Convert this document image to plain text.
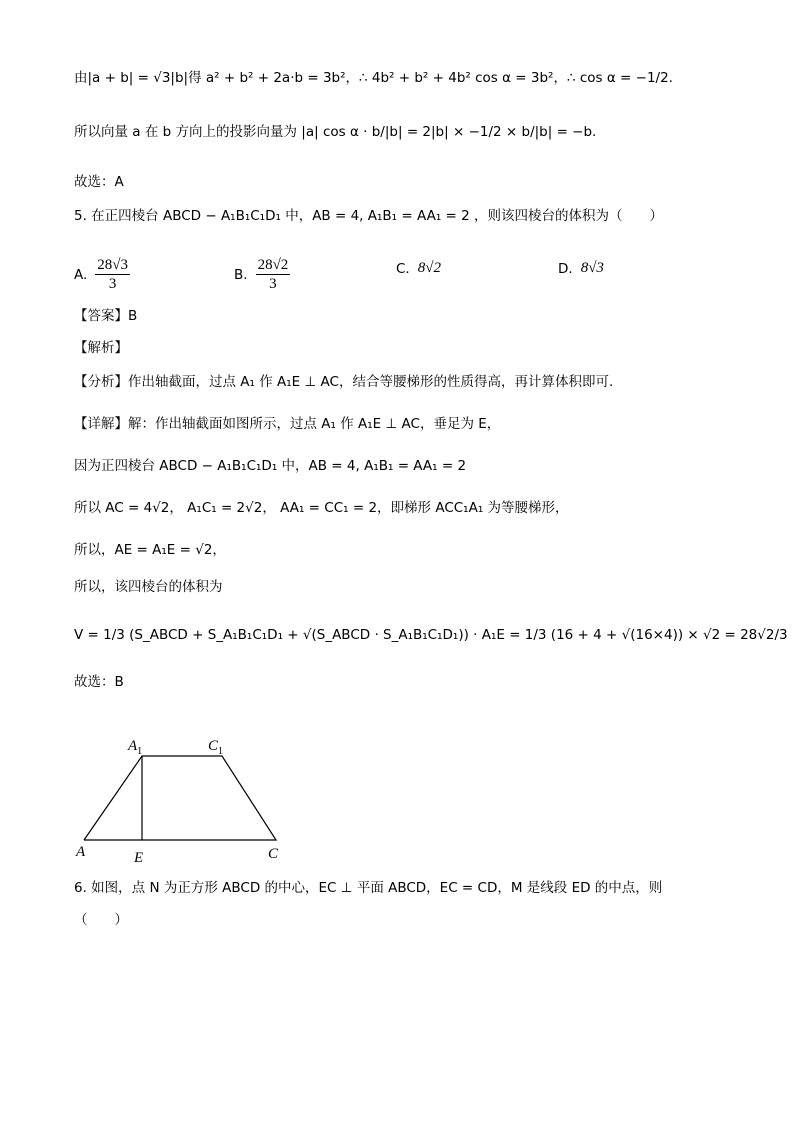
由|a + b| = √3|b|得 a² + b² + 2a·b = 3b²，∴ 4b² + b² + 4b² cos α = 3b²，∴ cos α = −1/2.
所以向量 a 在 b 方向上的投影向量为 |a| cos α · b/|b| = 2|b| × −1/2 × b/|b| = −b.
故选：A
5. 在正四棱台 ABCD − A₁B₁C₁D₁ 中，AB = 4, A₁B₁ = AA₁ = 2 ，则该四棱台的体积为（　　）
A. $\frac{28√3}{3}$	B. $\frac{28√2}{3}$	C. 8√2	D. 8√3
【答案】B
【解析】
【分析】作出轴截面，过点 A₁ 作 A₁E ⊥ AC，结合等腰梯形的性质得高，再计算体积即可.
【详解】解：作出轴截面如图所示，过点 A₁ 作 A₁E ⊥ AC，垂足为 E，
因为正四棱台 ABCD − A₁B₁C₁D₁ 中，AB = 4, A₁B₁ = AA₁ = 2
所以 AC = 4√2， A₁C₁ = 2√2， AA₁ = CC₁ = 2，即梯形 ACC₁A₁ 为等腰梯形，
所以，AE = A₁E = √2，
所以，该四棱台的体积为
V = 1/3 (S_ABCD + S_A₁B₁C₁D₁ + √(S_ABCD · S_A₁B₁C₁D₁)) · A₁E = 1/3 (16 + 4 + √(16×4)) × √2 = 28√2/3
故选：B
$A_1$	$C_1$
A	E	C
6. 如图，点 N 为正方形 ABCD 的中心，EC ⊥ 平面 ABCD，EC = CD，M 是线段 ED 的中点，则
（　　）
